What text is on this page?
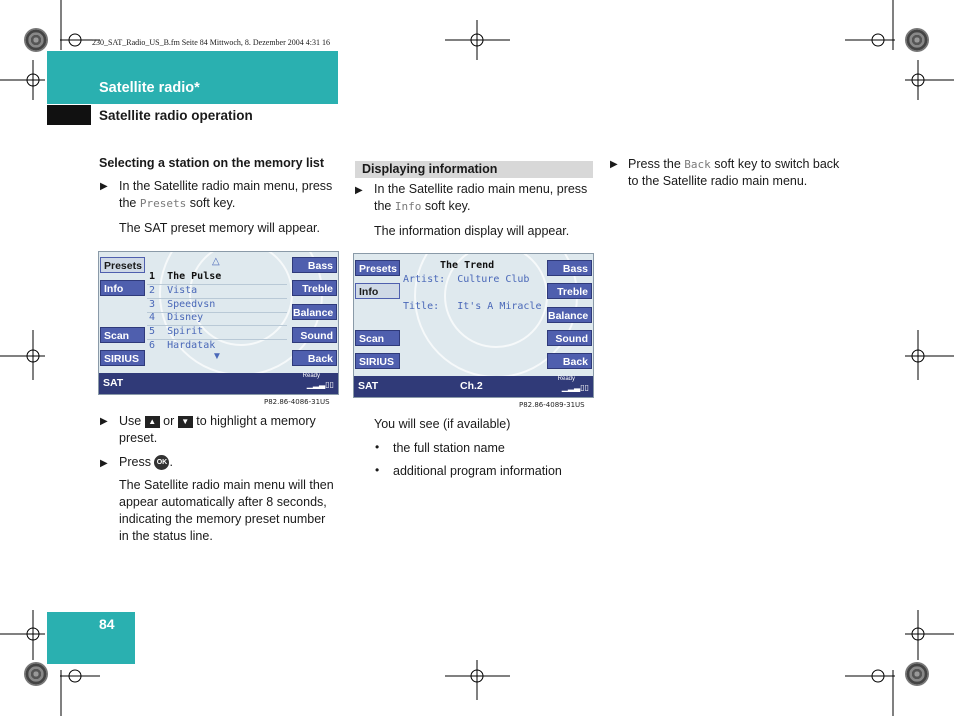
230_SAT_Radio_US_B.fm Seite 84 Mittwoch, 8. Dezember 2004 4:31 16
Satellite radio*
Satellite radio operation
Selecting a station on the memory list
▶ In the Satellite radio main menu, press
the Presets soft key.
The SAT preset memory will appear.
Presets
Info
Scan
SIRIUS
Bass
Treble
Balance
Sound
Back
△
1 The Pulse
2 Vista
3 Speedvsn
4 Disney
5 Spirit
6 Hardatak
▼
SAT
Ready
▁▂▃▯▯
P82.86-4086-31US
▶ Use ▲ or ▼ to highlight a memory
preset.
▶ Press OK .
The Satellite radio main menu will then
appear automatically after 8 seconds,
indicating the memory preset number
in the status line.
Displaying information
▶ In the Satellite radio main menu, press
the Info soft key.
The information display will appear.
Presets
Info
Scan
SIRIUS
Bass
Treble
Balance
Sound
Back
The Trend
Artist: Culture Club
Title: It's A Miracle
SAT	Ch.2
Ready
▁▂▃▯▯
P82.86-4089-31US
You will see (if available)
• the full station name
• additional program information
▶ Press the Back soft key to switch back
to the Satellite radio main menu.
84
